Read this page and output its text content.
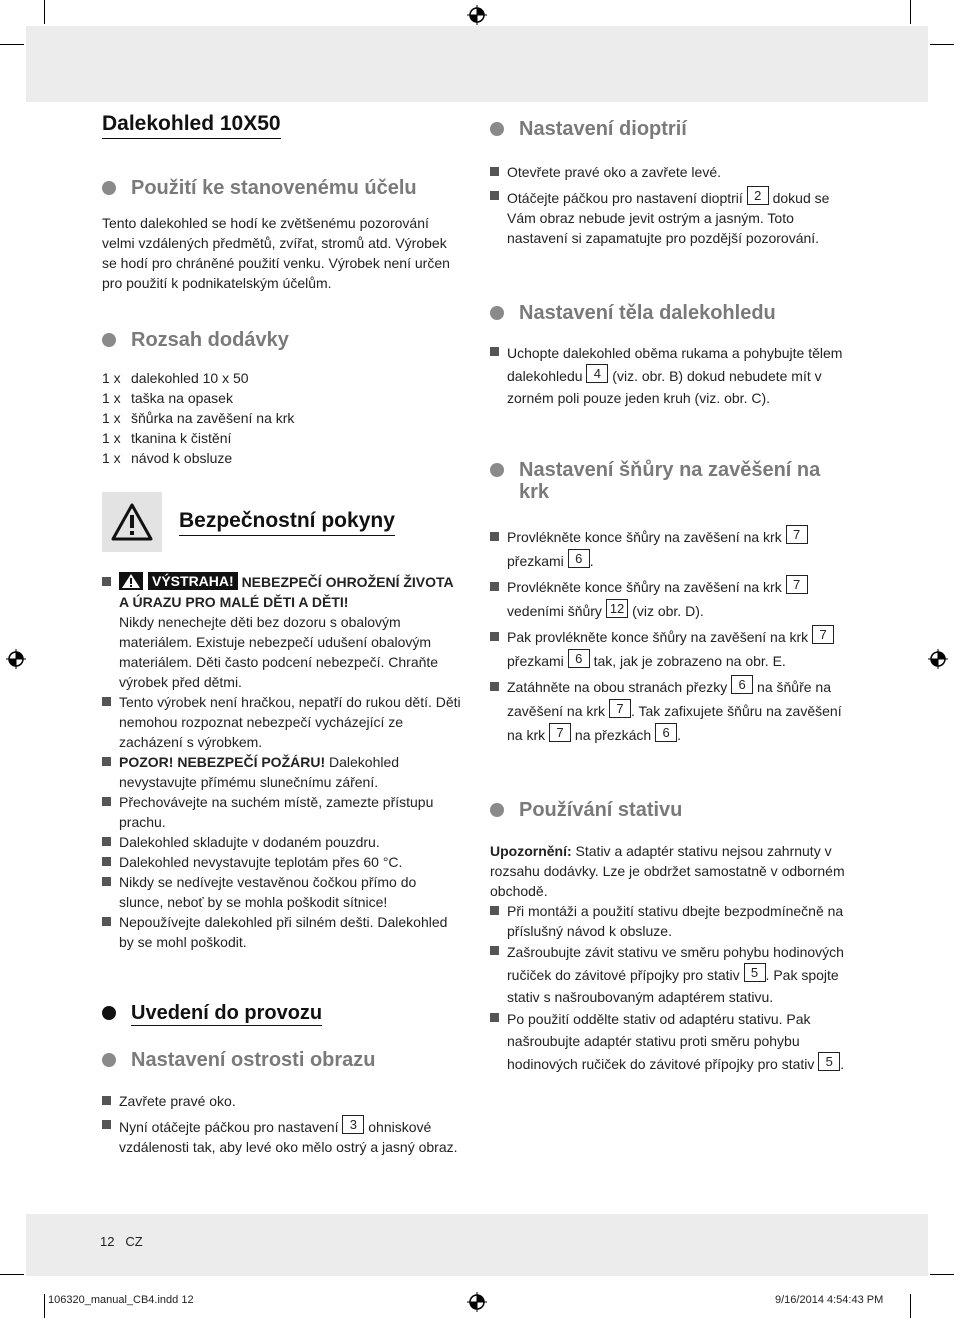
Dalekohled 10X50
Použití ke stanovenému účelu

Tento dalekohled se hodí ke zvětšenému pozorování velmi vzdálených předmětů, zvířat, stromů atd. Výrobek se hodí pro chráněné použití venku. Výrobek není určen pro použití k podnikatelským účelům.

Rozsah dodávky
1 x dalekohled 10 x 50
1 x taška na opasek
1 x šňůrka na zavěšení na krk
1 x tkanina k čistění
1 x návod k obsluze
Bezpečnostní pokyny
VÝSTRAHA! NEBEZPEČÍ OHROŽENÍ ŽIVOTA A ÚRAZU PRO MALÉ DĚTI A DĚTI!
Nikdy nenechejte děti bez dozoru s obalovým materiálem. Existuje nebezpečí udušení obalovým materiálem. Děti často podcení nebezpečí. Chraňte výrobek před dětmi.
Tento výrobek není hračkou, nepatří do rukou dětí. Děti nemohou rozpoznat nebezpečí vycházející ze zacházení s výrobkem.
POZOR! NEBEZPEČÍ POŽÁRU! Dalekohled nevystavujte přímému slunečnímu záření.
Přechovávejte na suchém místě, zamezte přístupu prachu.
Dalekohled skladujte v dodaném pouzdru.
Dalekohled nevystavujte teplotám přes 60 °C.
Nikdy se nedívejte vestavěnou čočkou přímo do slunce, neboť by se mohla poškodit sítnice!
Nepoužívejte dalekohled při silném dešti. Dalekohled by se mohl poškodit.
Uvedení do provozu
Nastavení ostrosti obrazu
Zavřete pravé oko.
Nyní otáčejte páčkou pro nastavení 3 ohniskové vzdálenosti tak, aby levé oko mělo ostrý a jasný obraz.
Nastavení dioptrií
Otevřete pravé oko a zavřete levé.
Otáčejte páčkou pro nastavení dioptrií 2 dokud se Vám obraz nebude jevit ostrým a jasným. Toto nastavení si zapamatujte pro pozdější pozorování.
Nastavení těla dalekohledu
Uchopte dalekohled oběma rukama a pohybujte tělem dalekohledu 4 (viz. obr. B) dokud nebudete mít v zorném poli pouze jeden kruh (viz. obr. C).
Nastavení šňůry na zavěšení na krk
Provlékněte konce šňůry na zavěšení na krk 7 přezkami 6 .
Provlékněte konce šňůry na zavěšení na krk 7 vedeními šňůry 12 (viz obr. D).
Pak provlékněte konce šňůry na zavěšení na krk 7 přezkami 6 tak, jak je zobrazeno na obr. E.
Zatáhněte na obou stranách přezky 6 na šňůře na zavěšení na krk 7 . Tak zafixujete šňůru na zavěšení na krk 7 na přezkách 6 .
Používání stativu

Upozornění: Stativ a adaptér stativu nejsou zahrnuty v rozsahu dodávky. Lze je obdržet samostatně v odborném obchodě.

Při montáži a použití stativu dbejte bezpodmínečně na příslušný návod k obsluze.
Zašroubujte závit stativu ve směru pohybu hodinových ručiček do závitové přípojky pro stativ 5 . Pak spojte stativ s našroubovaným adaptérem stativu.
Po použití oddělte stativ od adaptéru stativu. Pak našroubujte adaptér stativu proti směru pohybu hodinových ručiček do závitové přípojky pro stativ 5 .
12 CZ
106320_manual_CB4.indd 12	9/16/2014 4:54:43 PM
